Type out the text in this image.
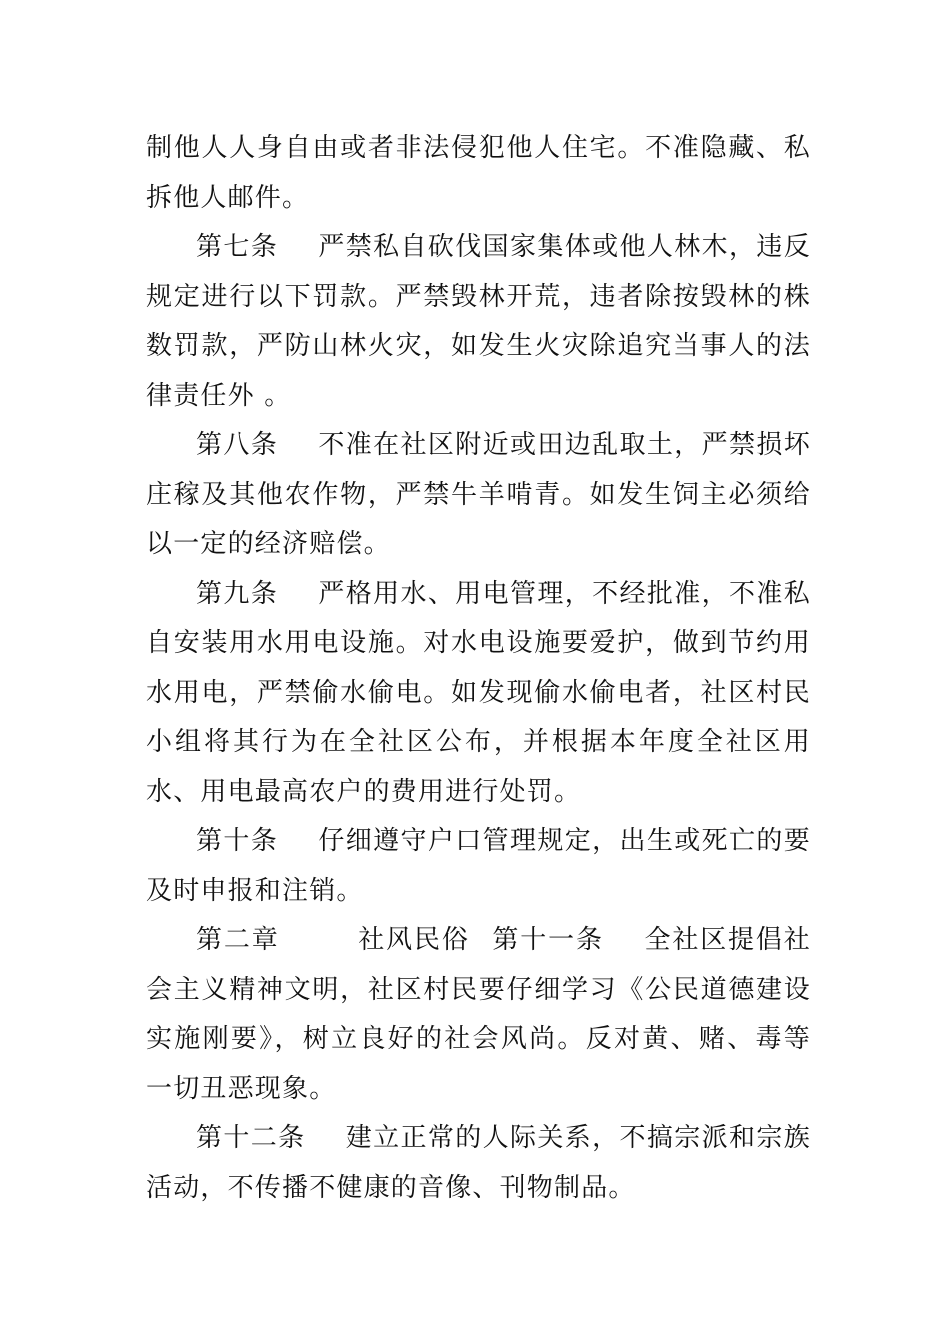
制他人人身自由或者非法侵犯他人住宅。不准隐藏、私拆他人邮件。

第七条 严禁私自砍伐国家集体或他人林木，违反规定进行以下罚款。严禁毁林开荒，违者除按毁林的株数罚款，严防山林火灾，如发生火灾除追究当事人的法律责任外 。

第八条 不准在社区附近或田边乱取土，严禁损坏庄稼及其他农作物，严禁牛羊啃青。如发生饲主必须给以一定的经济赔偿。

第九条 严格用水、用电管理，不经批准，不准私自安装用水用电设施。对水电设施要爱护，做到节约用水用电，严禁偷水偷电。如发现偷水偷电者，社区村民小组将其行为在全社区公布，并根据本年度全社区用水、用电最高农户的费用进行处罚。

第十条 仔细遵守户口管理规定，出生或死亡的要及时申报和注销。

第二章	社风民俗 第十一条 全社区提倡社会主义精神文明，社区村民要仔细学习《公民道德建设实施刚要》，树立良好的社会风尚。反对黄、赌、毒等一切丑恶现象。

第十二条 建立正常的人际关系，不搞宗派和宗族活动，不传播不健康的音像、刊物制品。
